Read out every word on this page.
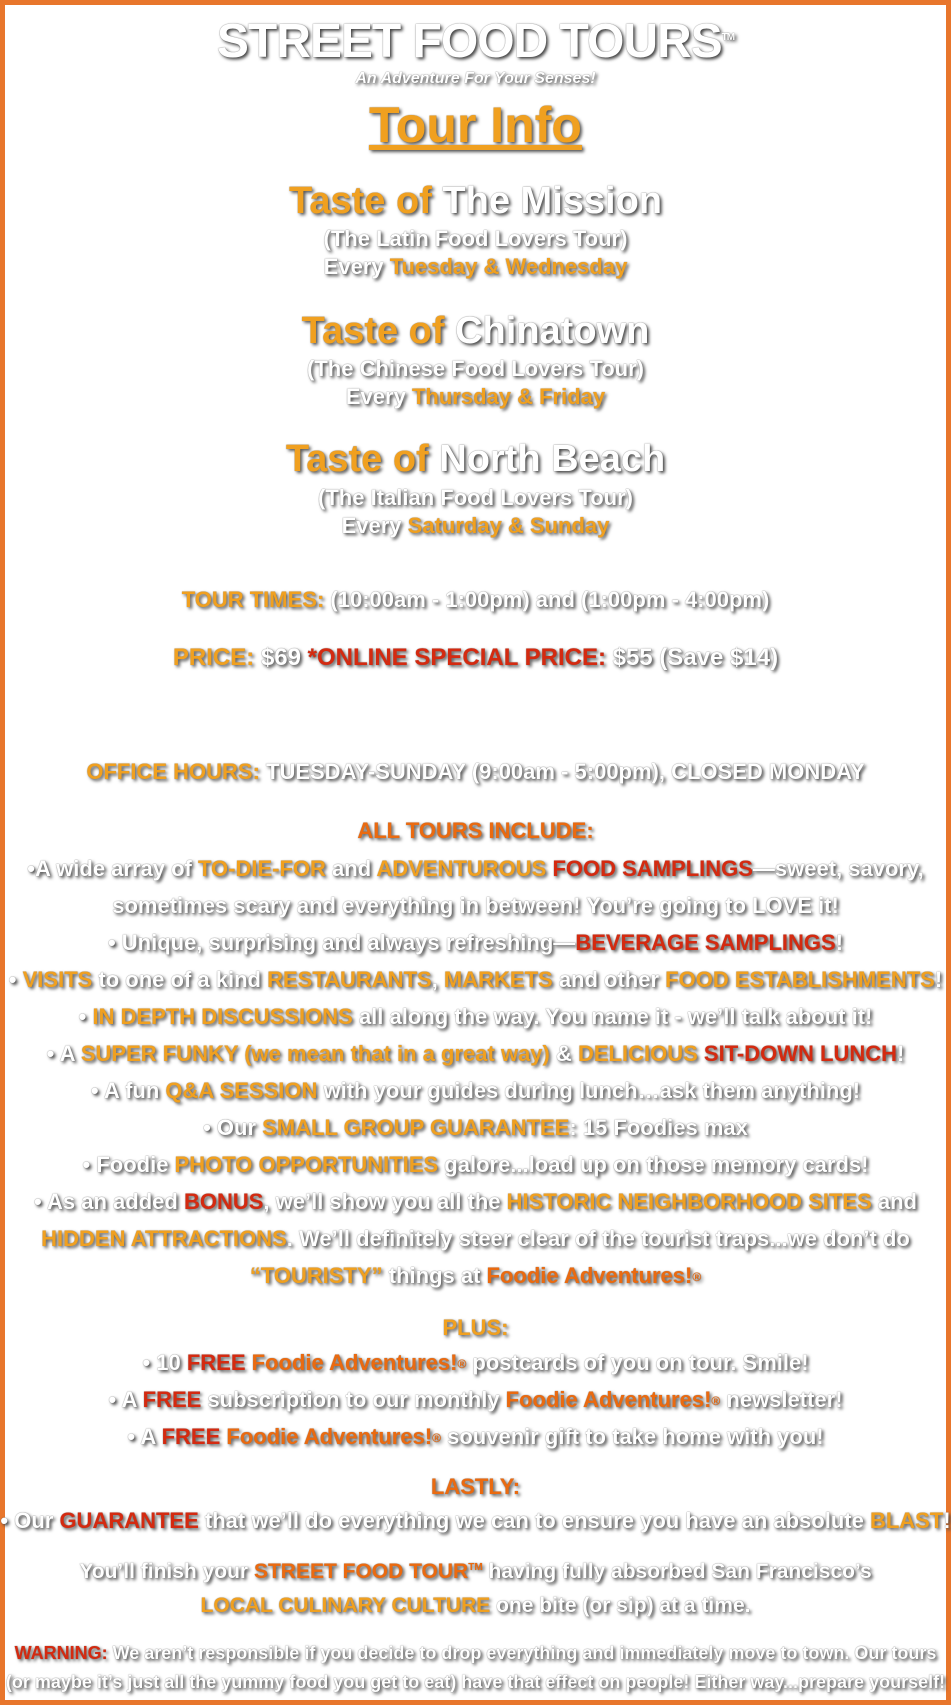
STREET FOOD TOURS™
An Adventure For Your Senses!
Tour Info
Taste of The Mission
(The Latin Food Lovers Tour)
Every Tuesday & Wednesday
Taste of Chinatown
(The Chinese Food Lovers Tour)
Every Thursday & Friday
Taste of North Beach
(The Italian Food Lovers Tour)
Every Saturday & Sunday
TOUR TIMES: (10:00am - 1:00pm) and (1:00pm - 4:00pm)
PRICE: $69 *ONLINE SPECIAL PRICE: $55 (Save $14)
OFFICE HOURS: TUESDAY-SUNDAY (9:00am - 5:00pm), CLOSED MONDAY
ALL TOURS INCLUDE:
•A wide array of TO-DIE-FOR and ADVENTUROUS FOOD SAMPLINGS—sweet, savory,
sometimes scary and everything in between! You’re going to LOVE it!
• Unique, surprising and always refreshing—BEVERAGE SAMPLINGS!
• VISITS to one of a kind RESTAURANTS, MARKETS and other FOOD ESTABLISHMENTS!
• IN DEPTH DISCUSSIONS all along the way. You name it - we’ll talk about it!
• A SUPER FUNKY (we mean that in a great way) & DELICIOUS SIT-DOWN LUNCH!
• A fun Q&A SESSION with your guides during lunch…ask them anything!
• Our SMALL GROUP GUARANTEE: 15 Foodies max
• Foodie PHOTO OPPORTUNITIES galore...load up on those memory cards!
• As an added BONUS, we’ll show you all the HISTORIC NEIGHBORHOOD SITES and
HIDDEN ATTRACTIONS. We’ll definitely steer clear of the tourist traps...we don’t do
“TOURISTY” things at Foodie Adventures!®
PLUS:
• 10 FREE Foodie Adventures!® postcards of you on tour. Smile!
• A FREE subscription to our monthly Foodie Adventures!® newsletter!
• A FREE Foodie Adventures!® souvenir gift to take home with you!
LASTLY:
• Our GUARANTEE that we’ll do everything we can to ensure you have an absolute BLAST!
You’ll finish your STREET FOOD TOUR™ having fully absorbed San Francisco’s
LOCAL CULINARY CULTURE one bite (or sip) at a time.
WARNING: We aren’t responsible if you decide to drop everything and immediately move to town. Our tours
(or maybe it’s just all the yummy food you get to eat) have that effect on people! Either way...prepare yourself!
